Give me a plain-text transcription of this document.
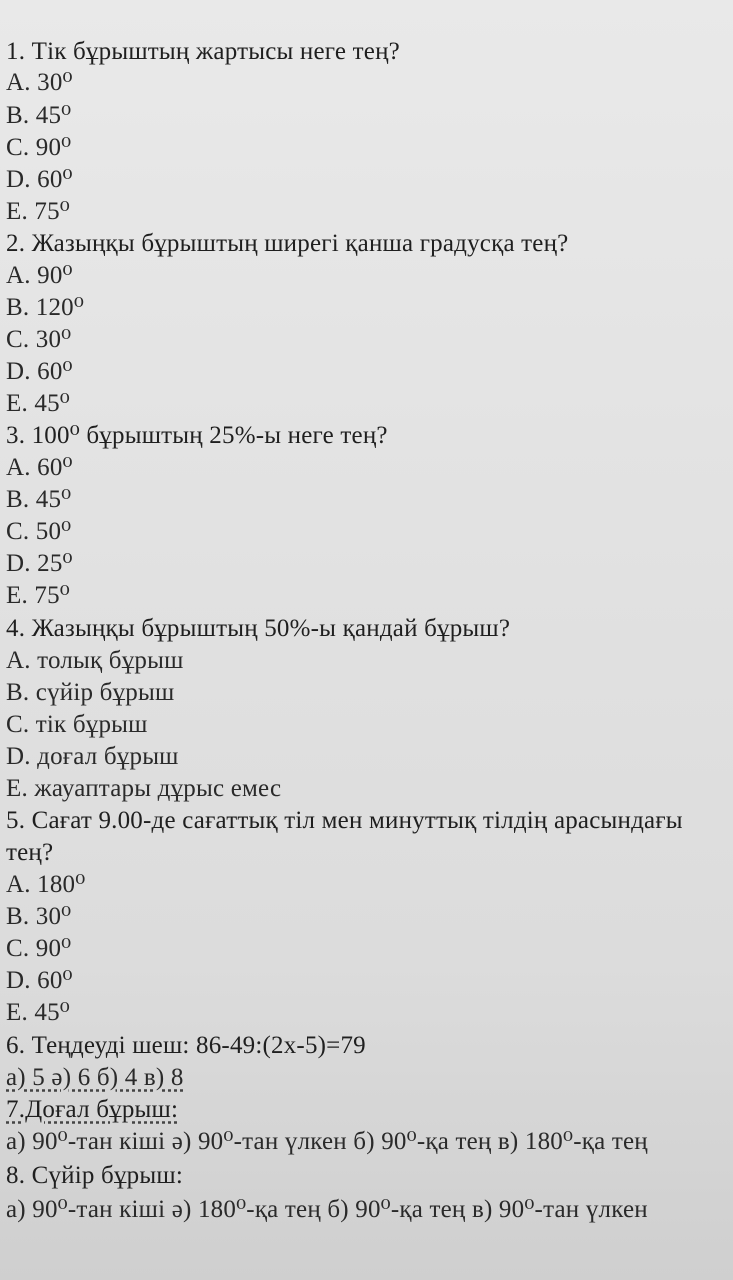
1. Тік бұрыштың жартысы неге тең?
A. 30⁰
B. 45⁰
C. 90⁰
D. 60⁰
E. 75⁰
2. Жазыңқы бұрыштың ширегі қанша градусқа тең?
A. 90⁰
B. 120⁰
C. 30⁰
D. 60⁰
E. 45⁰
3. 100⁰ бұрыштың 25%-ы неге тең?
A. 60⁰
B. 45⁰
C. 50⁰
D. 25⁰
E. 75⁰
4. Жазыңқы бұрыштың 50%-ы қандай бұрыш?
A. толық бұрыш
B. сүйір бұрыш
C. тік бұрыш
D. доғал бұрыш
E. жауаптары дұрыс емес
5. Сағат 9.00-де сағаттық тіл мен минуттық тілдің арасындағы
тең?
A. 180⁰
B. 30⁰
C. 90⁰
D. 60⁰
E. 45⁰
6. Теңдеуді шеш: 86-49:(2x-5)=79
а) 5 ә) 6 б) 4 в) 8
7.Доғал бұрыш:
а) 90⁰-тан кіші ә) 90⁰-тан үлкен б) 90⁰-қа тең в) 180⁰-қа тең
8. Сүйір бұрыш:
а) 90⁰-тан кіші ә) 180⁰-қа тең б) 90⁰-қа тең в) 90⁰-тан үлкен
